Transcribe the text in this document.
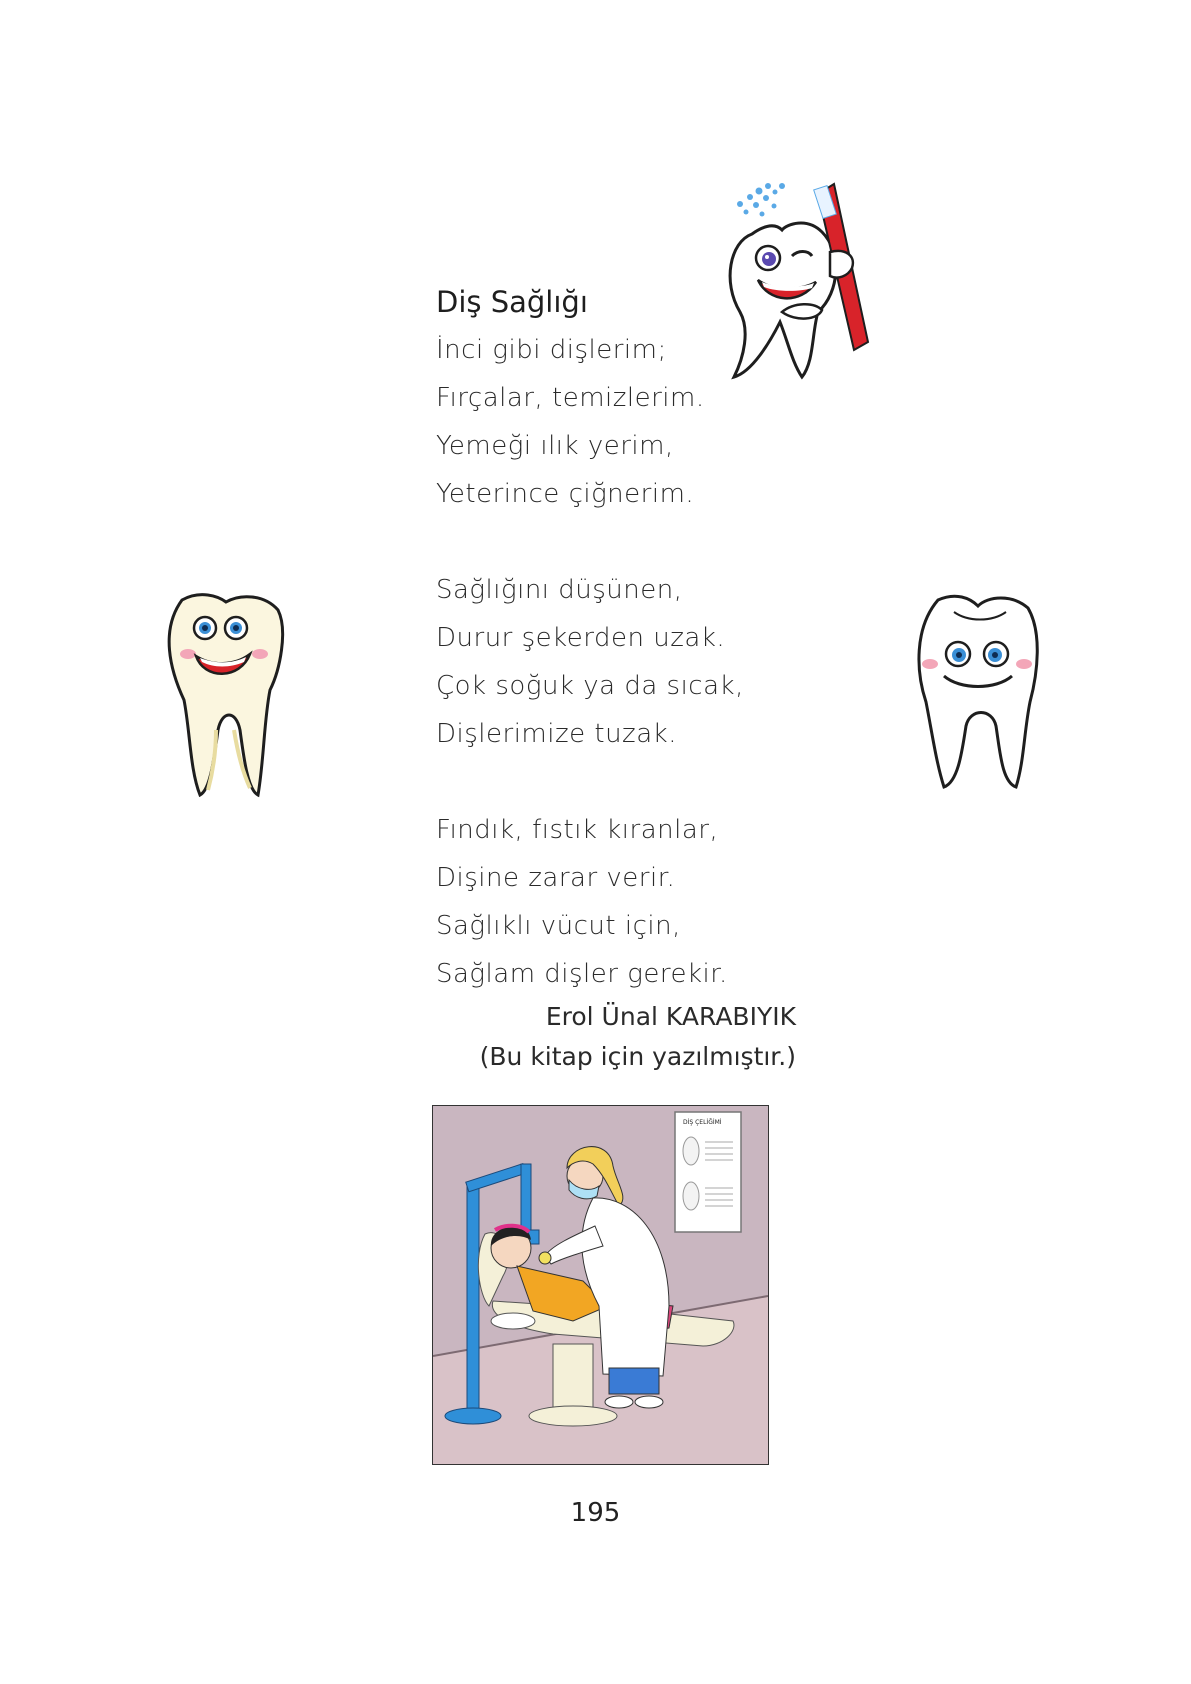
Diş Sağlığı
İnci gibi dişlerim;
Fırçalar, temizlerim.
Yemeği ılık yerim,
Yeterince çiğnerim.
Sağlığını düşünen,
Durur şekerden uzak.
Çok soğuk ya da sıcak,
Dişlerimize tuzak.
Fındık, fıstık kıranlar,
Dişine zarar verir.
Sağlıklı vücut için,
Sağlam dişler gerekir.
Erol Ünal KARABIYIK
(Bu kitap için yazılmıştır.)
DİŞ ÇELİĞİMİ
195
